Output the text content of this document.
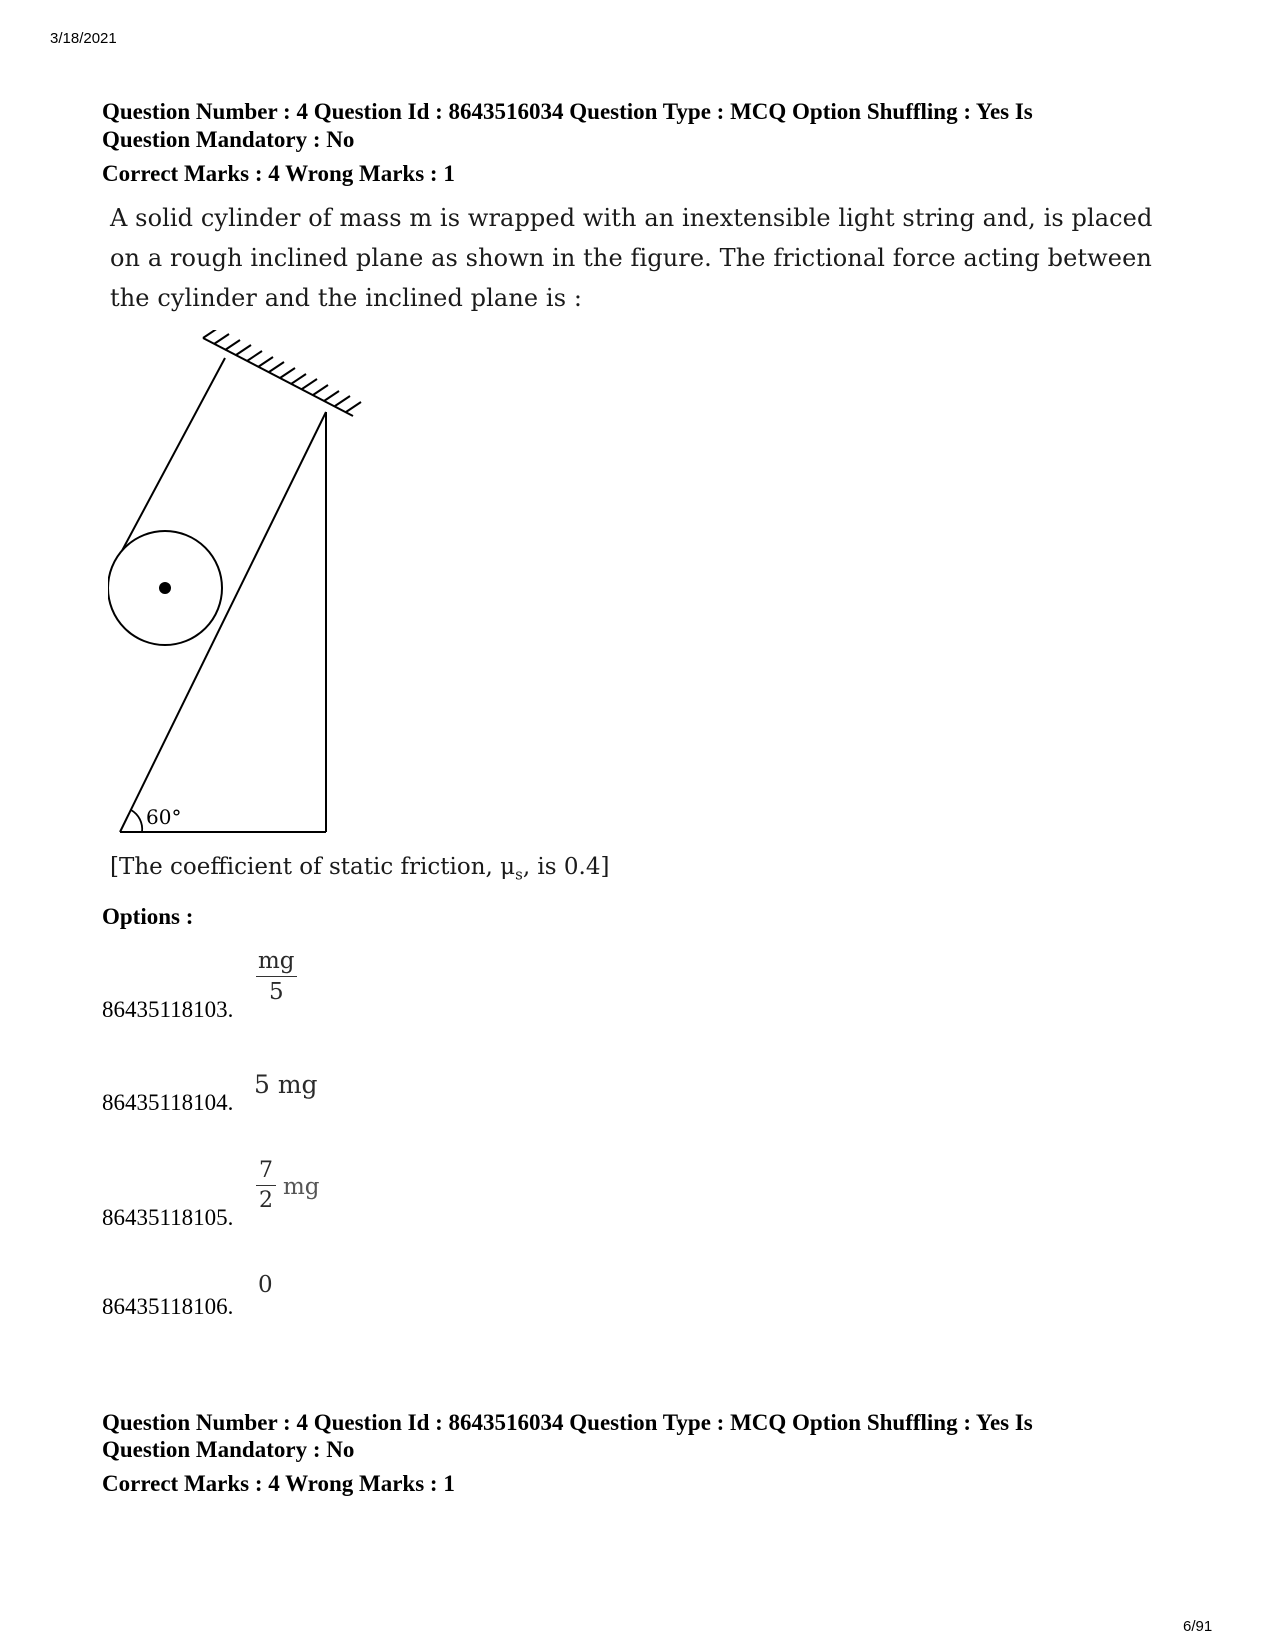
3/18/2021
Question Number : 4 Question Id : 8643516034 Question Type : MCQ Option Shuffling : Yes Is
Question Mandatory : No
Correct Marks : 4 Wrong Marks : 1

A solid cylinder of mass m is wrapped with an inextensible light string and, is placed on a rough inclined plane as shown in the figure. The frictional force acting between the cylinder and the inclined plane is :

60°
[The coefficient of static friction, $\mu_s$, is 0.4]
Options :
86435118103.
$\frac{mg}{5}$
86435118104.
5 mg
86435118105.
$\frac{7}{2}$ mg
86435118106.
0
Question Number : 4 Question Id : 8643516034 Question Type : MCQ Option Shuffling : Yes Is
Question Mandatory : No
Correct Marks : 4 Wrong Marks : 1
6/91
